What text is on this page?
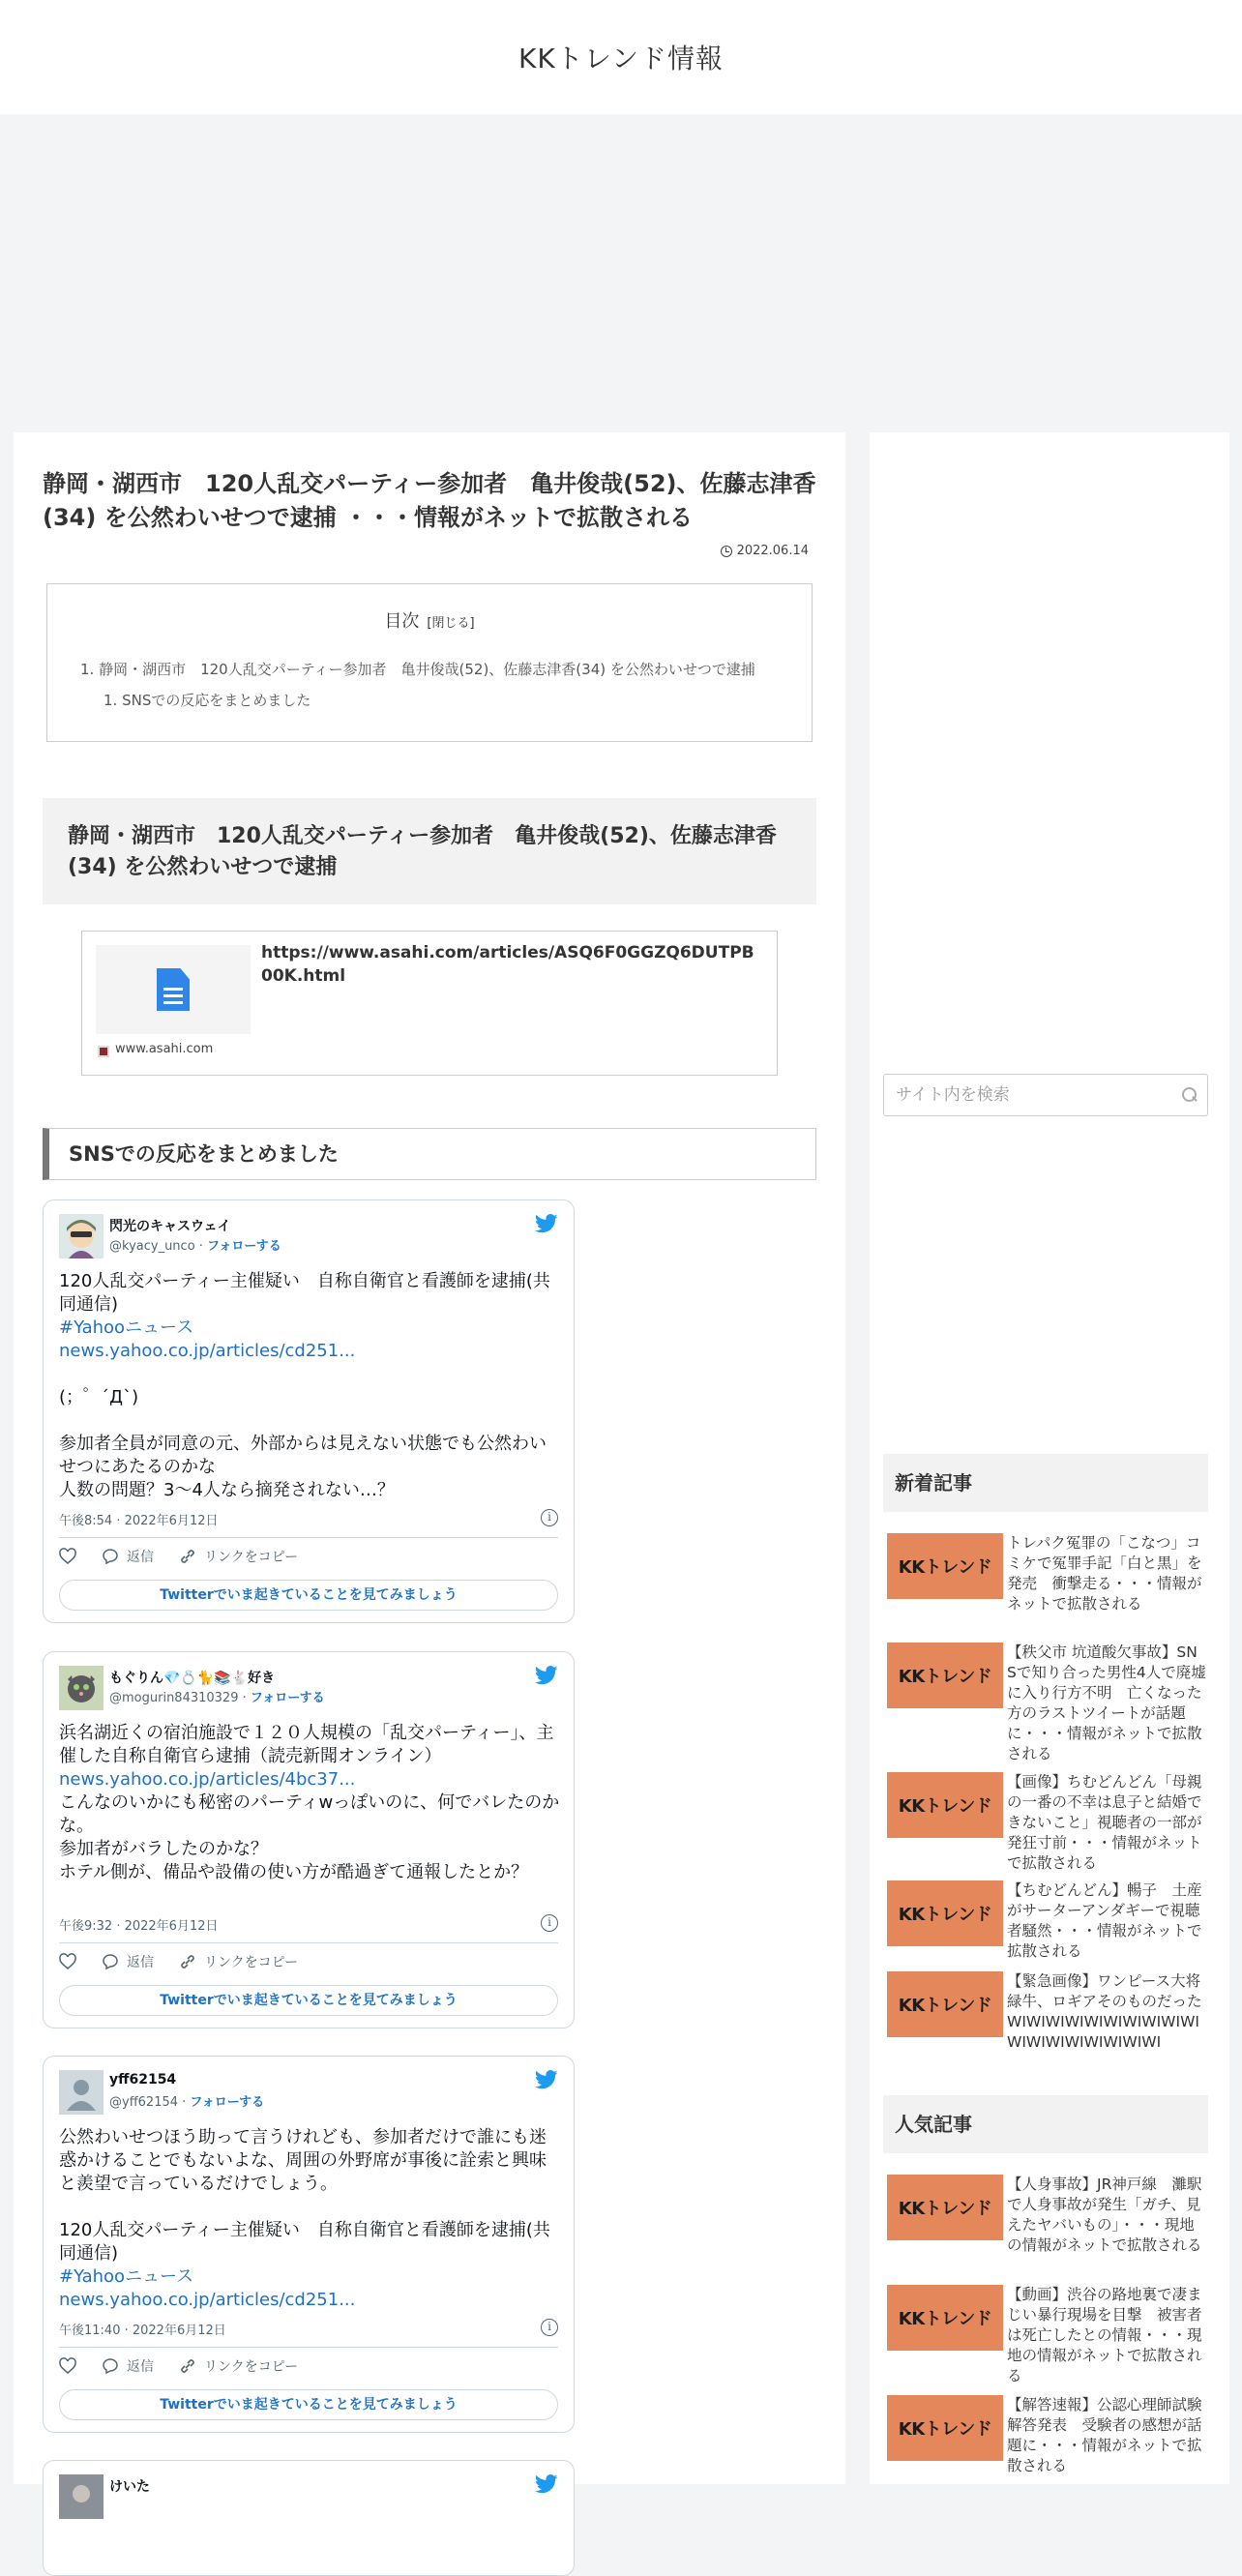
KKトレンド情報
静岡・湖西市　120人乱交パーティー参加者　亀井俊哉(52)、佐藤志津香(34) を公然わいせつで逮捕 ・・・情報がネットで拡散される
2022.06.14
目次 [閉じる]
1. 静岡・湖西市　120人乱交パーティー参加者　亀井俊哉(52)、佐藤志津香(34) を公然わいせつで逮捕
1. SNSでの反応をまとめました
静岡・湖西市　120人乱交パーティー参加者　亀井俊哉(52)、佐藤志津香(34) を公然わいせつで逮捕
https://www.asahi.com/articles/ASQ6F0GGZQ6DUTPB00K.html
www.asahi.com
SNSでの反応をまとめました
閃光のキャスウェイ
@kyacy_unco · フォローする
120人乱交パーティー主催疑い　自称自衛官と看護師を逮捕(共同通信)
#Yahooニュース
news.yahoo.co.jp/articles/cd251...

(；゜´Д`)

参加者全員が同意の元、外部からは見えない状態でも公然わいせつにあたるのかな
人数の問題？3〜4人なら摘発されない…？
午後8:54 · 2022年6月12日	i
返信	リンクをコピー
Twitterでいま起きていることを見てみましょう
もぐりん💎💍🐈📚🐇好き
@mogurin84310329 · フォローする
浜名湖近くの宿泊施設で１２０人規模の「乱交パーティー」、主催した自称自衛官ら逮捕（読売新聞オンライン） news.yahoo.co.jp/articles/4bc37...
こんなのいかにも秘密のパーティwっぽいのに、何でバレたのかな。
参加者がバラしたのかな？
ホテル側が、備品や設備の使い方が酷過ぎて通報したとか？
午後9:32 · 2022年6月12日	i
返信	リンクをコピー
Twitterでいま起きていることを見てみましょう
yff62154
@yff62154 · フォローする
公然わいせつほう助って言うけれども、参加者だけで誰にも迷惑かけることでもないよな、周囲の外野席が事後に詮索と興味と羨望で言っているだけでしょう。

120人乱交パーティー主催疑い　自称自衛官と看護師を逮捕(共同通信)
#Yahooニュース
news.yahoo.co.jp/articles/cd251...
午後11:40 · 2022年6月12日	i
返信	リンクをコピー
Twitterでいま起きていることを見てみましょう
けいた
サイト内を検索
新着記事
KKトレンド
トレパク冤罪の「こなつ」コミケで冤罪手記「白と黒」を発売　衝撃走る・・・情報がネットで拡散される
KKトレンド
【秩父市 坑道酸欠事故】SNSで知り合った男性4人で廃墟に入り行方不明　亡くなった方のラストツイートが話題に・・・情報がネットで拡散される
KKトレンド
【画像】ちむどんどん「母親の一番の不幸は息子と結婚できないこと」視聴者の一部が発狂寸前・・・情報がネットで拡散される
KKトレンド
【ちむどんどん】暢子　土産がサーターアンダギーで視聴者騒然・・・情報がネットで拡散される
KKトレンド
【緊急画像】ワンピース大将緑牛、ロギアそのものだった WIWIWIWIWIWIWIWIWIWIWIWIWIWIWIWIWIWI
人気記事
KKトレンド
【人身事故】JR神戸線　灘駅で人身事故が発生「ガチ、見えたヤバいもの」・・・現地の情報がネットで拡散される
KKトレンド
【動画】渋谷の路地裏で凄まじい暴行現場を目撃　被害者は死亡したとの情報・・・現地の情報がネットで拡散される
KKトレンド
【解答速報】公認心理師試験　解答発表　受験者の感想が話題に・・・情報がネットで拡散される
